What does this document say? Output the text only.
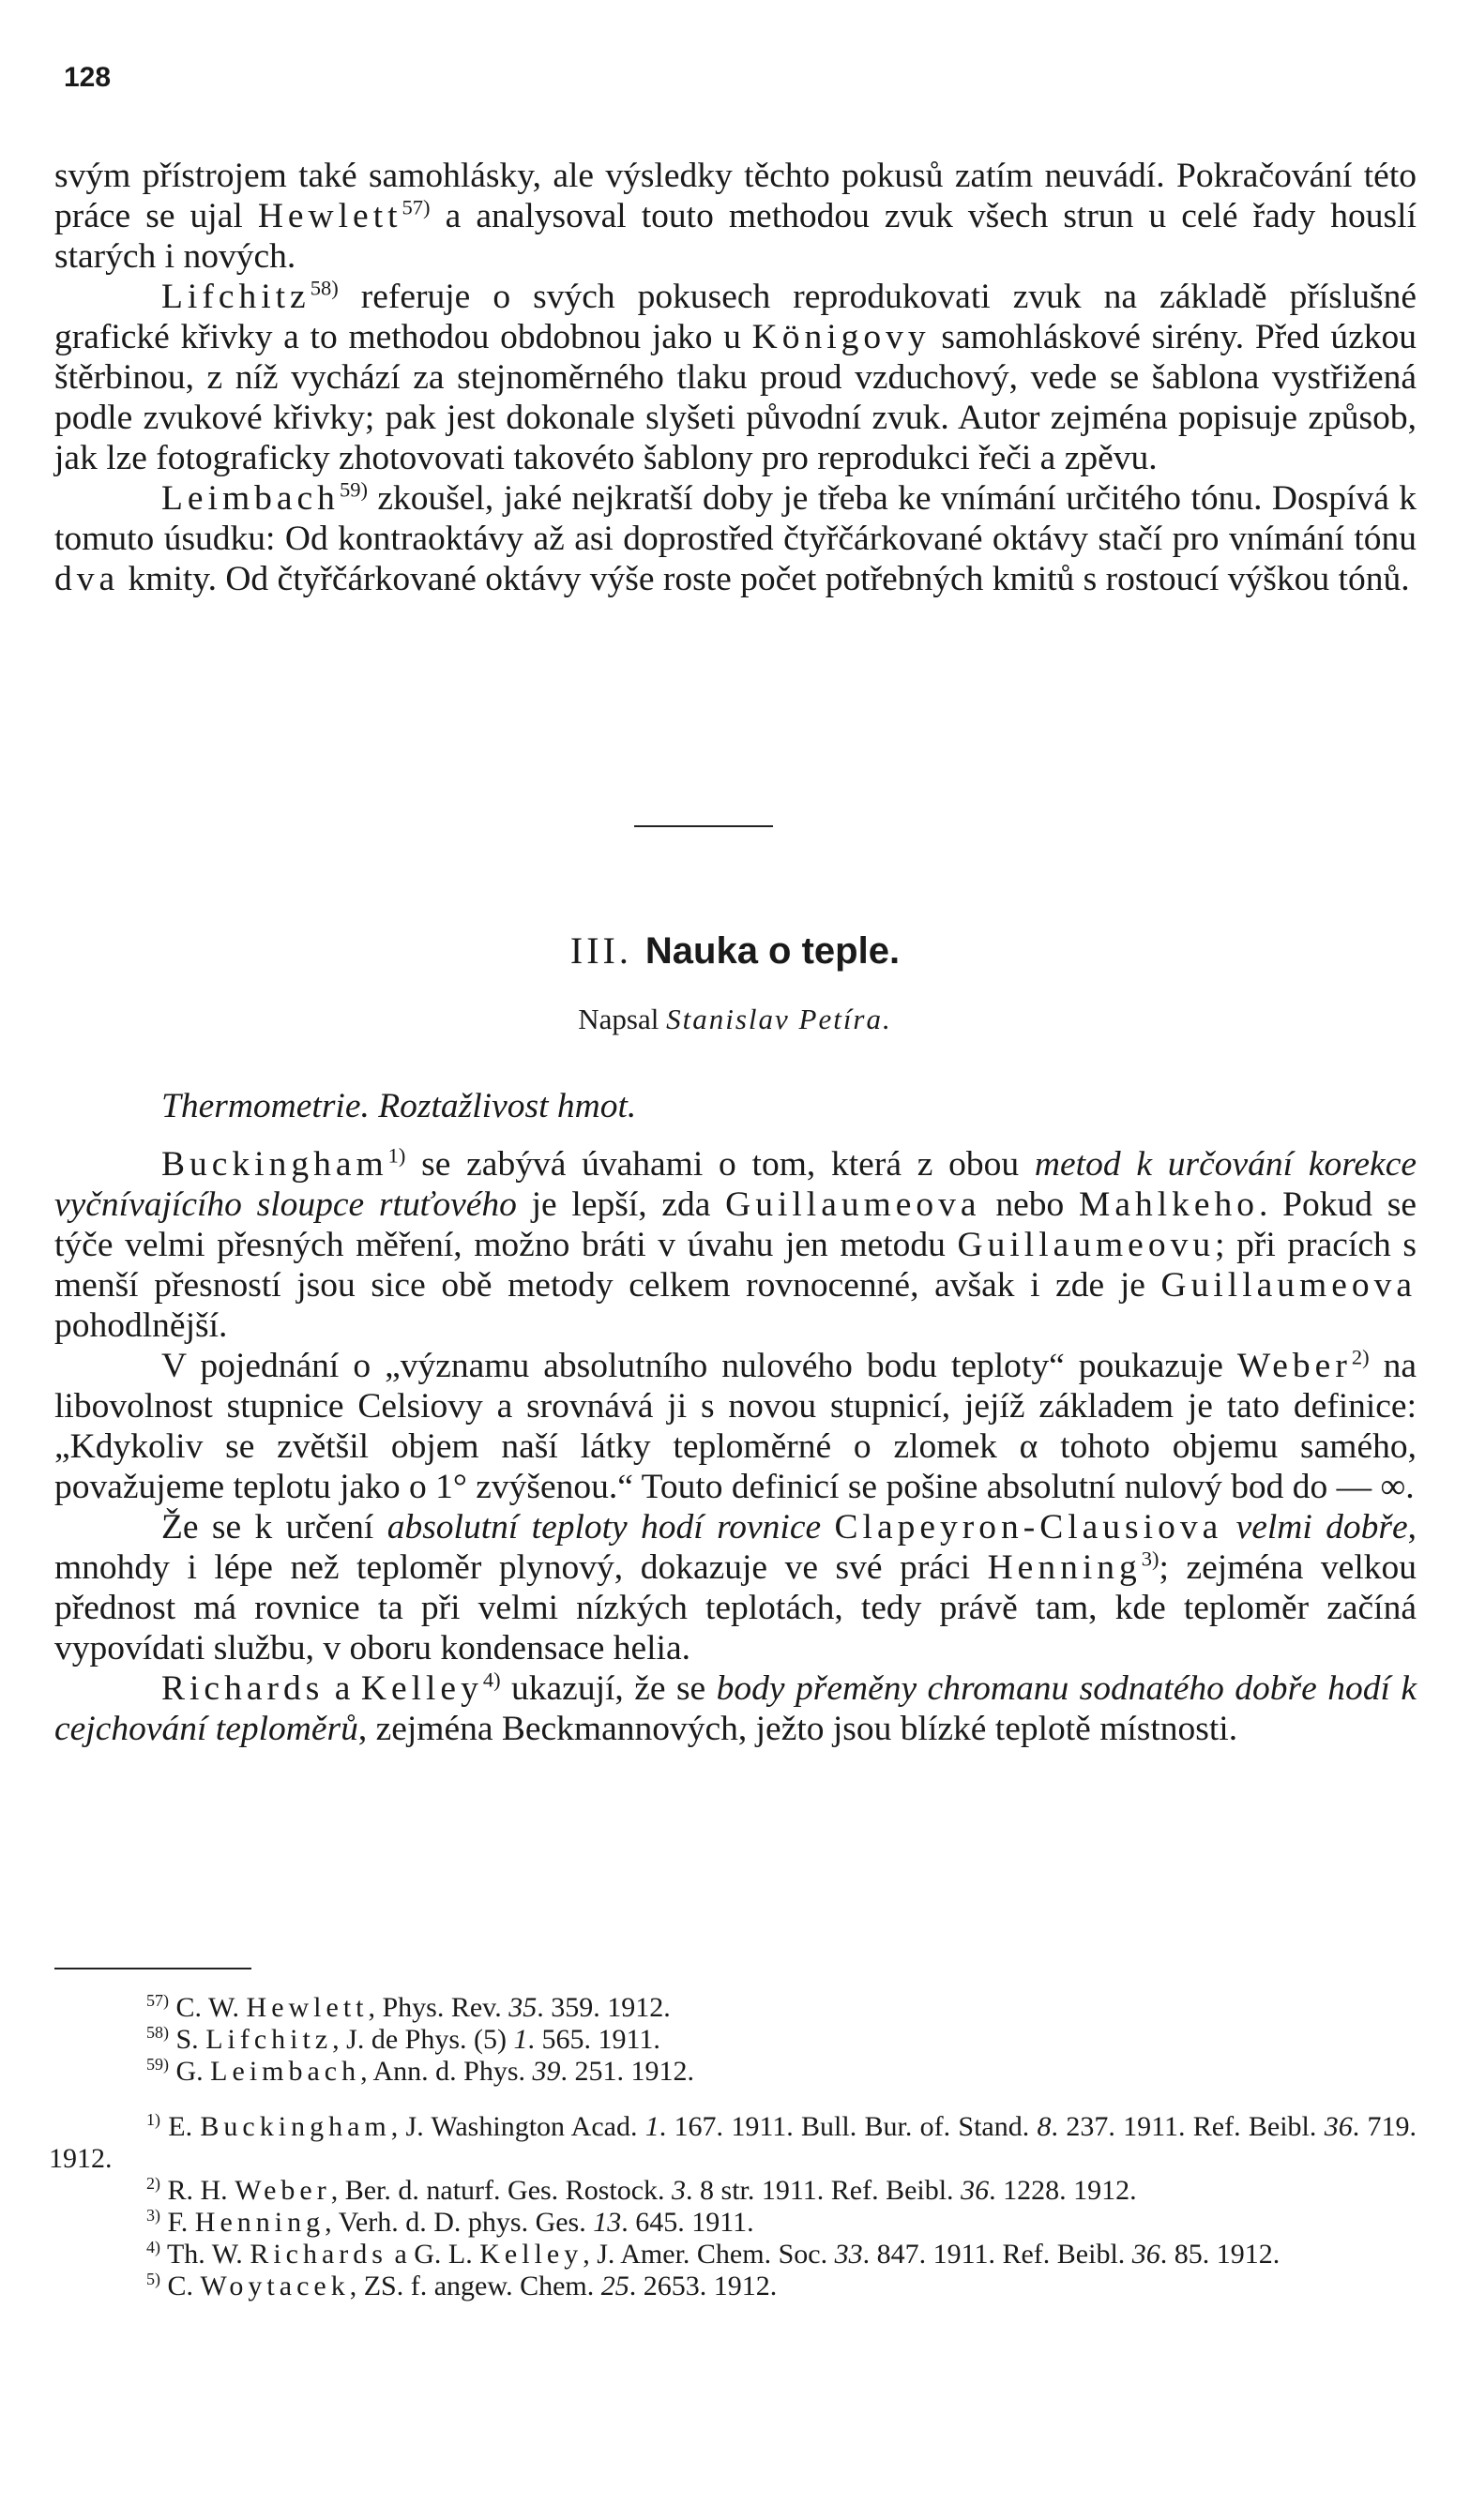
128

svým přístrojem také samohlásky, ale výsledky těchto pokusů zatím neuvádí. Pokračování této práce se ujal Hewlett$^{57)}$ a analysoval touto methodou zvuk všech strun u celé řady houslí starých i nových.

Lifchitz$^{58)}$ referuje o svých pokusech reprodukovati zvuk na základě příslušné grafické křivky a to methodou obdobnou jako u Königovy samohláskové sirény. Před úzkou štěrbinou, z níž vychází za stejnoměrného tlaku proud vzduchový, vede se šablona vystřižená podle zvukové křivky; pak jest dokonale slyšeti původní zvuk. Autor zejména popisuje způsob, jak lze fotograficky zhotovovati takovéto šablony pro reprodukci řeči a zpěvu.

Leimbach$^{59)}$ zkoušel, jaké nejkratší doby je třeba ke vnímání určitého tónu. Dospívá k tomuto úsudku: Od kontraoktávy až asi doprostřed čtyřčárkované oktávy stačí pro vnímání tónu dva kmity. Od čtyřčárkované oktávy výše roste počet potřebných kmitů s rostoucí výškou tónů.

III. Nauka o teple.
Napsal Stanislav Petíra.
Thermometrie. Roztažlivost hmot.

Buckingham$^{1)}$ se zabývá úvahami o tom, která z obou metod k určování korekce vyčnívajícího sloupce rtuťového je lepší, zda Guillaumeova nebo Mahlkeho. Pokud se týče velmi přesných měření, možno bráti v úvahu jen metodu Guillaumeovu; při pracích s menší přesností jsou sice obě metody celkem rovnocenné, avšak i zde je Guillaumeova pohodlnější.

V pojednání o „významu absolutního nulového bodu teploty“ poukazuje Weber$^{2)}$ na libovolnost stupnice Celsiovy a srovnává ji s novou stupnicí, jejíž základem je tato definice: „Kdykoliv se zvětšil objem naší látky teploměrné o zlomek α tohoto objemu samého, považujeme teplotu jako o 1° zvýšenou.“ Touto definicí se pošine absolutní nulový bod do — ∞.

Že se k určení absolutní teploty hodí rovnice Clapeyron-Clausiova velmi dobře, mnohdy i lépe než teploměr plynový, dokazuje ve své práci Henning$^{3)}$; zejména velkou přednost má rovnice ta při velmi nízkých teplotách, tedy právě tam, kde teploměr začíná vypovídati službu, v oboru kondensace helia.

Richards a Kelley$^{4)}$ ukazují, že se body přeměny chromanu sodnatého dobře hodí k cejchování teploměrů, zejména Beckmannových, ježto jsou blízké teplotě místnosti.

$^{57)}$ C. W. Hewlett, Phys. Rev. 35. 359. 1912.

$^{58)}$ S. Lifchitz, J. de Phys. (5) 1. 565. 1911.

$^{59)}$ G. Leimbach, Ann. d. Phys. 39. 251. 1912.

$^{1)}$ E. Buckingham, J. Washington Acad. 1. 167. 1911. Bull. Bur. of. Stand. 8. 237. 1911. Ref. Beibl. 36. 719. 1912.

$^{2)}$ R. H. Weber, Ber. d. naturf. Ges. Rostock. 3. 8 str. 1911. Ref. Beibl. 36. 1228. 1912.

$^{3)}$ F. Henning, Verh. d. D. phys. Ges. 13. 645. 1911.

$^{4)}$ Th. W. Richards a G. L. Kelley, J. Amer. Chem. Soc. 33. 847. 1911. Ref. Beibl. 36. 85. 1912.

$^{5)}$ C. Woytacek, ZS. f. angew. Chem. 25. 2653. 1912.
